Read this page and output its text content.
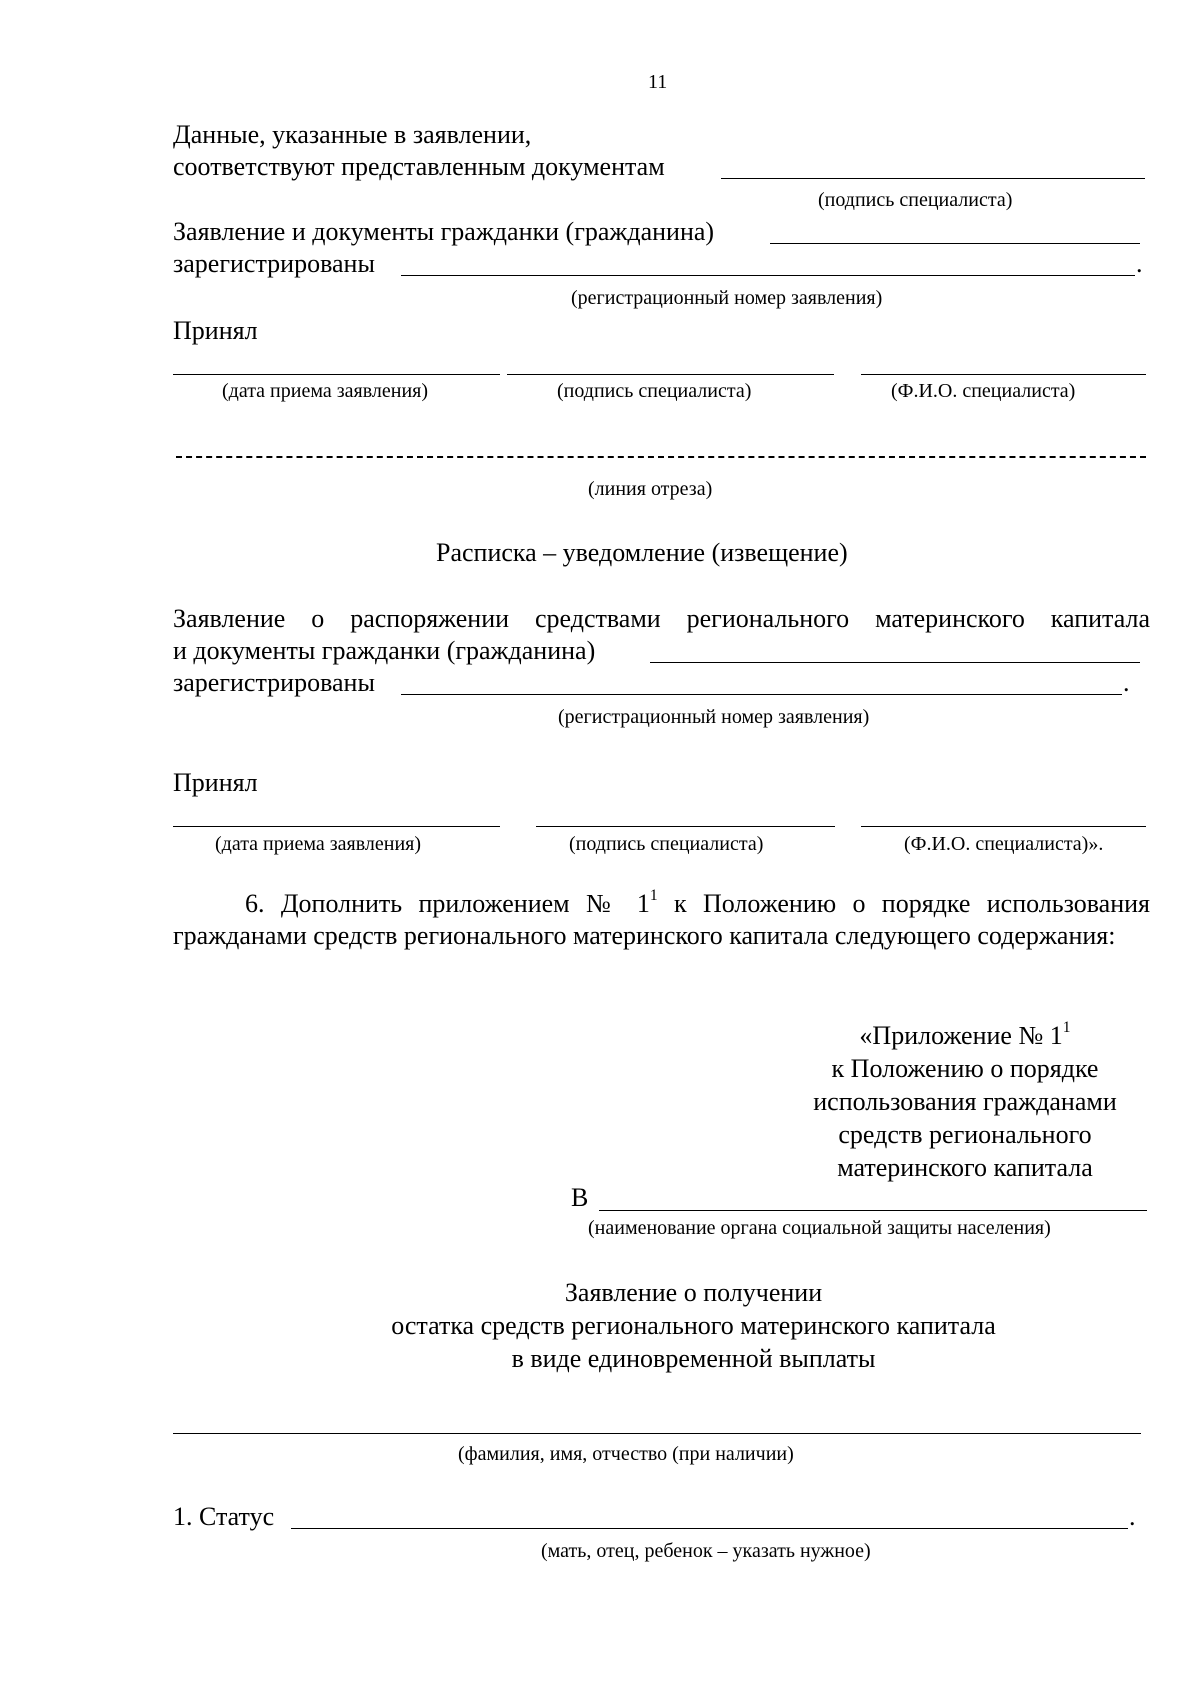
11
Данные, указанные в заявлении,
соответствуют представленным документам
(подпись специалиста)
Заявление и документы гражданки (гражданина)
зарегистрированы	.
(регистрационный номер заявления)
Принял
(дата приема заявления)	(подпись специалиста)	(Ф.И.О. специалиста)
(линия отреза)
Расписка – уведомление (извещение)
Заявление о распоряжении средствами регионального материнского капитала
и документы гражданки (гражданина)
зарегистрированы	.
(регистрационный номер заявления)
Принял
(дата приема заявления)	(подпись специалиста)	(Ф.И.О. специалиста)».
6. Дополнить приложением № $1^1$ к Положению о порядке использования гражданами средств регионального материнского капитала следующего содержания:
«Приложение № $1^1$
к Положению о порядке
использования гражданами
средств регионального
материнского капитала
В
(наименование органа социальной защиты населения)
Заявление о получении
остатка средств регионального материнского капитала
в виде единовременной выплаты
(фамилия, имя, отчество (при наличии)
1. Статус	.
(мать, отец, ребенок – указать нужное)
